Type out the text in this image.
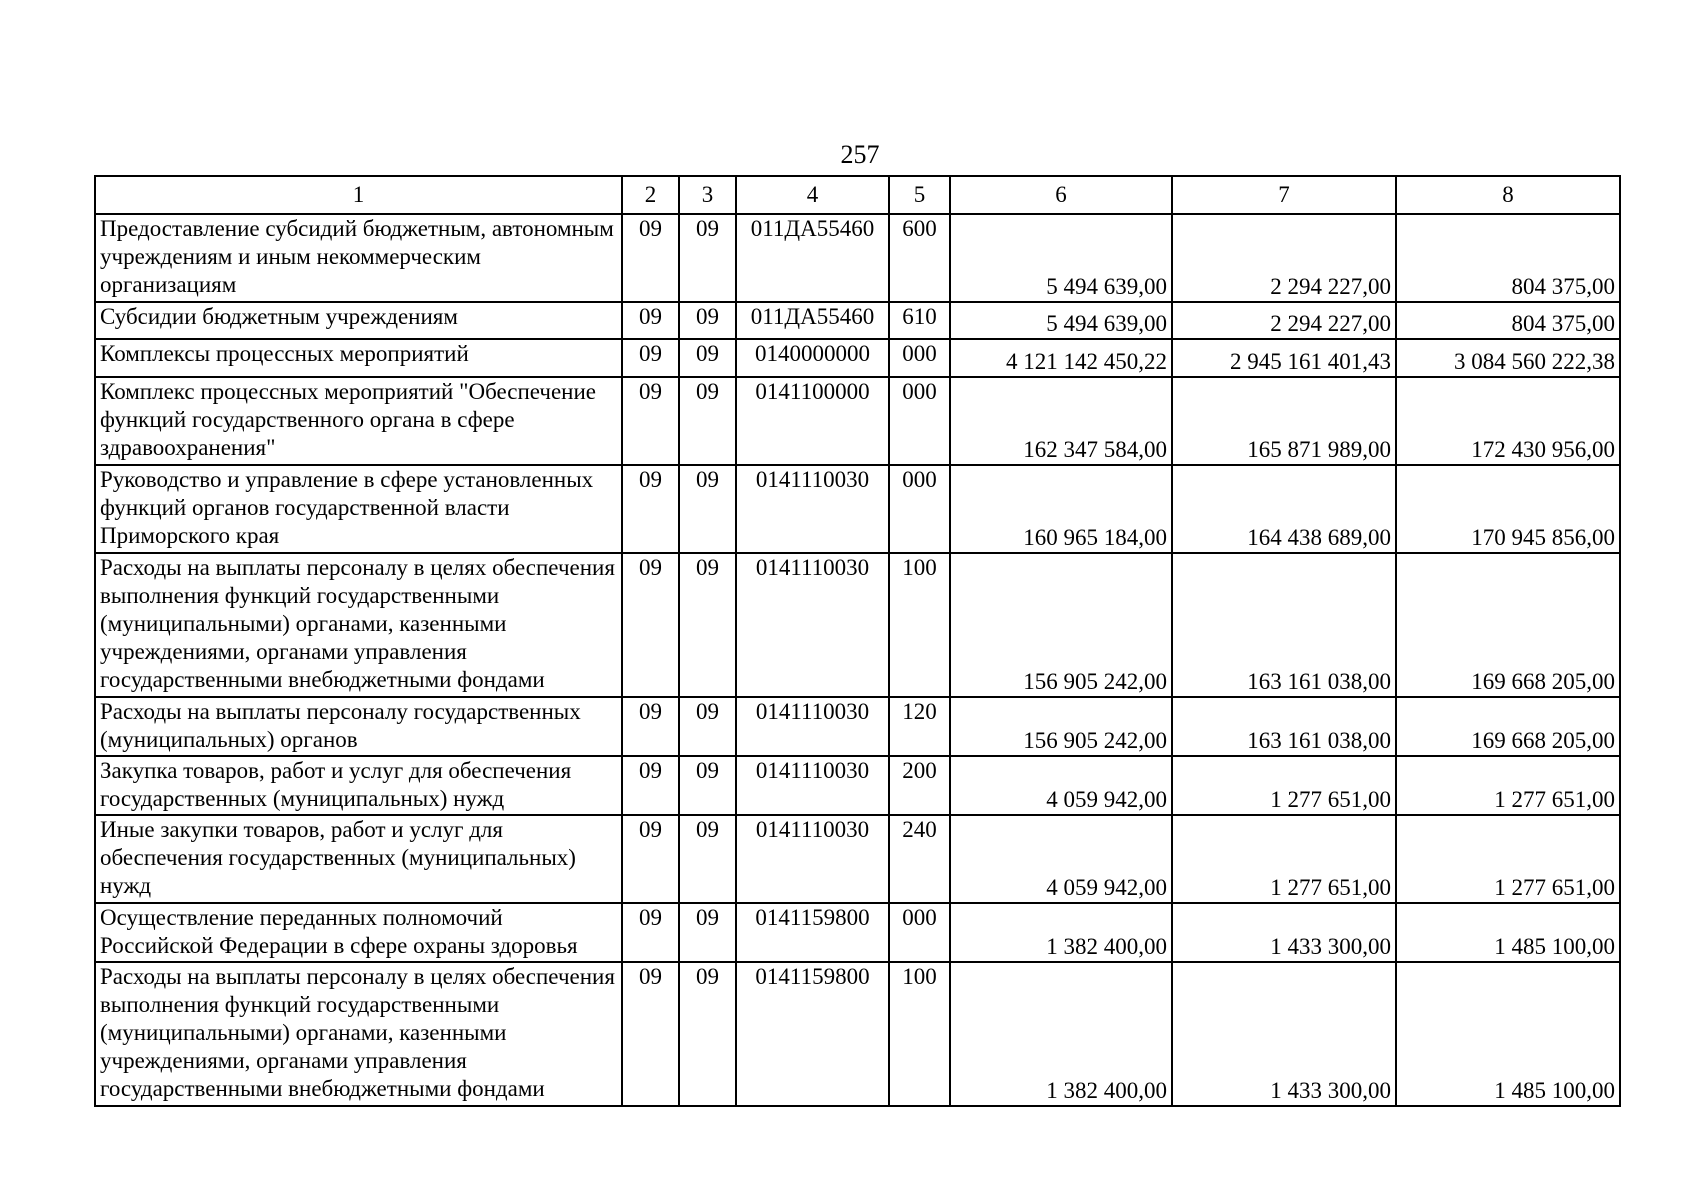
257
1	2	3	4	5	6	7	8
Предоставление субсидий бюджетным, автономным учреждениям и иным некоммерческим организациям	09	09	011ДА55460	600	5 494 639,00	2 294 227,00	804 375,00
Субсидии бюджетным учреждениям	09	09	011ДА55460	610	5 494 639,00	2 294 227,00	804 375,00
Комплексы процессных мероприятий	09	09	0140000000	000	4 121 142 450,22	2 945 161 401,43	3 084 560 222,38
Комплекс процессных мероприятий "Обеспечение функций государственного органа в сфере здравоохранения"	09	09	0141100000	000	162 347 584,00	165 871 989,00	172 430 956,00
Руководство и управление в сфере установленных функций органов государственной власти Приморского края	09	09	0141110030	000	160 965 184,00	164 438 689,00	170 945 856,00
Расходы на выплаты персоналу в целях обеспечения выполнения функций государственными (муниципальными) органами, казенными учреждениями, органами управления государственными внебюджетными фондами	09	09	0141110030	100	156 905 242,00	163 161 038,00	169 668 205,00
Расходы на выплаты персоналу государственных (муниципальных) органов	09	09	0141110030	120	156 905 242,00	163 161 038,00	169 668 205,00
Закупка товаров, работ и услуг для обеспечения государственных (муниципальных) нужд	09	09	0141110030	200	4 059 942,00	1 277 651,00	1 277 651,00
Иные закупки товаров, работ и услуг для обеспечения государственных (муниципальных) нужд	09	09	0141110030	240	4 059 942,00	1 277 651,00	1 277 651,00
Осуществление переданных полномочий Российской Федерации в сфере охраны здоровья	09	09	0141159800	000	1 382 400,00	1 433 300,00	1 485 100,00
Расходы на выплаты персоналу в целях обеспечения выполнения функций государственными (муниципальными) органами, казенными учреждениями, органами управления государственными внебюджетными фондами	09	09	0141159800	100	1 382 400,00	1 433 300,00	1 485 100,00
